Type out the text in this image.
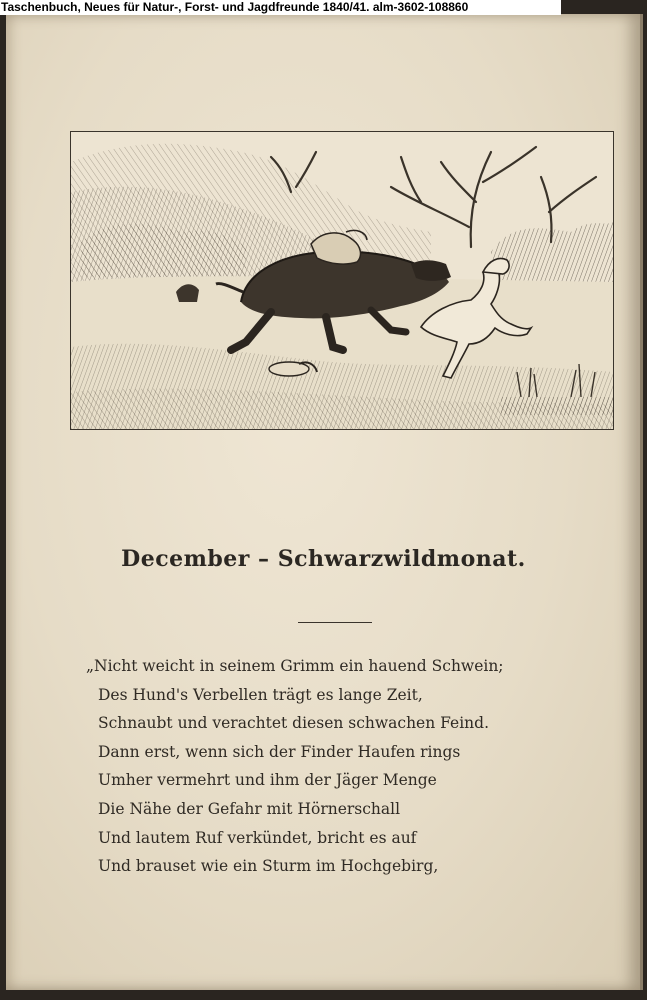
Taschenbuch, Neues für Natur-, Forst- und Jagdfreunde 1840/41. alm-3602-108860
December – Schwarzwildmonat.
„Nicht weicht in seinem Grimm ein hauend Schwein;
Des Hund's Verbellen trägt es lange Zeit,
Schnaubt und verachtet diesen schwachen Feind.
Dann erst, wenn sich der Finder Haufen rings
Umher vermehrt und ihm der Jäger Menge
Die Nähe der Gefahr mit Hörnerschall
Und lautem Ruf verkündet, bricht es auf
Und brauset wie ein Sturm im Hochgebirg,
